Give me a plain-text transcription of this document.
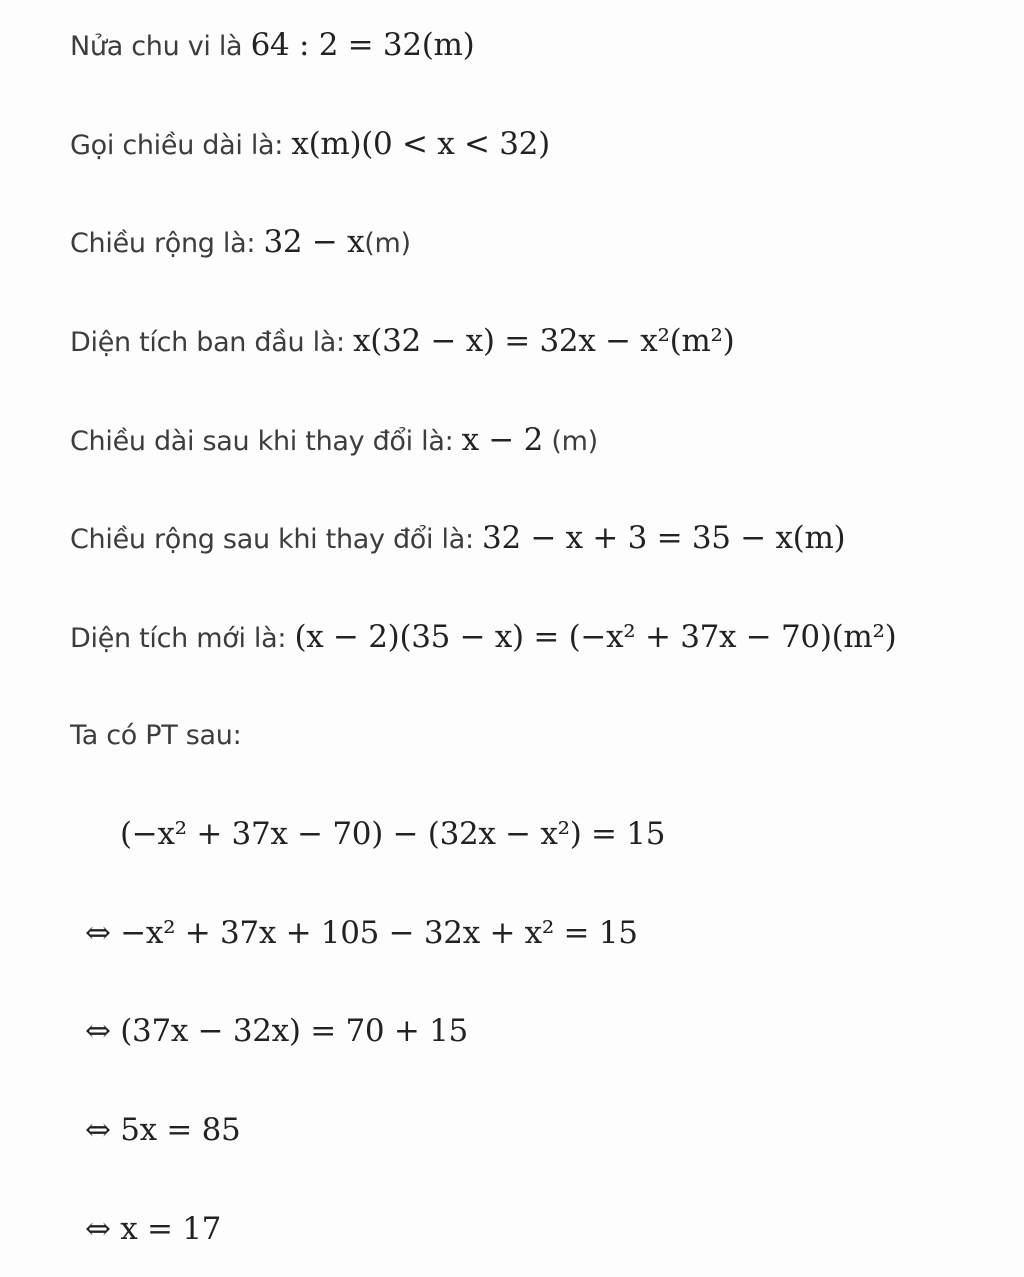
Nửa chu vi là 64 : 2 = 32(m)
Gọi chiều dài là: x(m)(0 < x < 32)
Chiều rộng là: 32 − x(m)
Diện tích ban đầu là: x(32 − x) = 32x − x²(m²)
Chiều dài sau khi thay đổi là: x − 2 (m)
Chiều rộng sau khi thay đổi là: 32 − x + 3 = 35 − x(m)
Diện tích mới là: (x − 2)(35 − x) = (−x² + 37x − 70)(m²)
Ta có PT sau:
(−x² + 37x − 70) − (32x − x²) = 15
⇔ −x² + 37x + 105 − 32x + x² = 15
⇔ (37x − 32x) = 70 + 15
⇔ 5x = 85
⇔ x = 17
